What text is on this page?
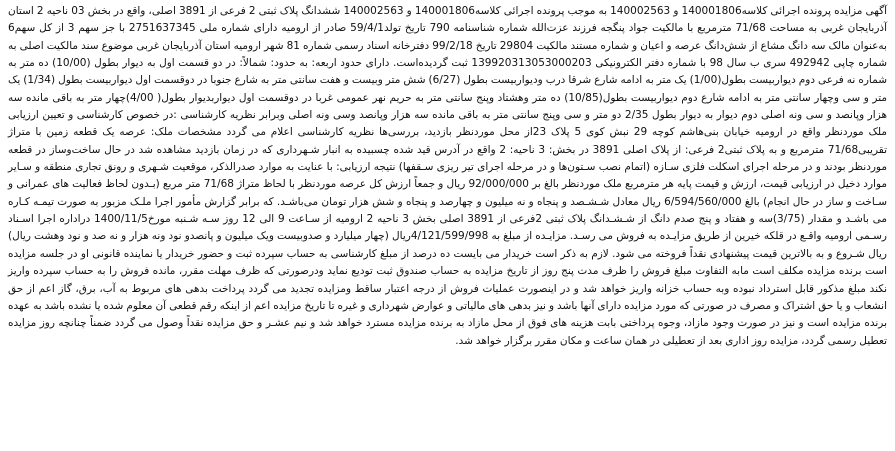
آگهی مزایده پرونده اجرائی کلاسه140001806 و 140002563 به موجب پرونده اجرائی کلاسه140001806 و 140002563 ششدانگ پلاک ثبتی 2 فرعی از 3891 اصلی، واقع در بخش 03 ناحیه 2 استان آذربایجان غربی به مساحت 71/68 مترمربع با مالکیت جواد پنگجه فرزند عزت‌الله شماره شناسنامه 790 تاریخ تولد59/4/1 صادر از ارومیه دارای شماره ملی 2751637345 با جز سهم 3 از کل سهم6 به‌عنوان مالک سه دانگ مشاع از شش‌دانگ عرصه و اعیان و شماره مستند مالکیت 29804 تاریخ 99/2/18 دفترخانه اسناد رسمی شماره 81 شهر ارومیه استان آذربایجان غربی موضوع سند مالکیت اصلی به شماره چاپی 492942 سری ب سال 98 با شماره دفتر الکترونیکی 139920313053000203 ثبت گردیده‌است. دارای حدود اربعه: به حدود: شمالاً: در دو قسمت اول به دیوار بطول (10/00) ده متر به شماره نه فرعی دوم دیواربیست بطول(1/00) یک متر به ادامه شارع شرقا درب ودیواربیست بطول (6/27) شش متر وبیست و هفت سانتی متر به شارع جنوبا در دوقسمت اول دیواربیست بطول (1/34) یک متر و سی وچهار سانتی متر به ادامه شارع دوم دیواربیست بطول(10/85) ده متر وهشتاد وپنج سانتی متر به حریم نهر عمومی غربا در دوقسمت اول دیواربدیوار بطول( 4/00)چهار متر به باقی مانده سه هزار وپانصد و سی ونه اصلی دوم دیوار به دیوار بطول 2/35 دو متر و سی وپنج سانتی متر به باقی مانده سه هزار وپانصد وسی ونه اصلی وبرابر نظریه کارشناسی :در خصوص کارشناسی و تعیین ارزیابی ملک موردنظر واقع در ارومیه خیابان بنی‌هاشم کوچه 29 نبش کوی 5 پلاک 23از محل موردنظر بازدید، بررسی‌ها نظریه کارشناسی اعلام می گردد مشخصات ملک: عرصه یک قطعه زمین با متراژ تقریبی71/68 مترمربع و به پلاک ثبتی2 فرعی: از پلاک اصلی 3891 در بخش: 3 ناحیه: 2 واقع در آدرس قید شده چسبیده به انبار شـهرداری که در زمان بازدید مشاهده شد در حال ساخت‌وساز در قطعه موردنظر بودند و در مرحله اجرای اسکلت فلزی سـازه (اتمام نصب سـتون‌ها و در مرحله اجرای تیر ریزی سـقفها) نتیجه ارزیابی: با عنایت به موارد صدرالذکر، موقعیت شـهری و رونق تجاری منطقه و سـایر موارد دخیل در ارزیابی قیمت، ارزش و قیمت پایه هر مترمربع ملک موردنظر بالغ بر 92/000/000 ریال و جمعاً ارزش کل عرصه موردنظر با لحاظ متراژ 71/68 متر مربع (بـدون لحاظ فعالیت های عمرانی و سـاخت و ساز در حال انجام) بالغ 6/594/560/000 ریال معادل شـشـصد و پنجاه و نه میلیون و چهارصد و پنجاه و شش هزار تومان می‌باشـد. که برابر گزارش مأمور اجرا ملـک مزبور به صورت تیمـه کـاره می باشـد و مقدار (3/75)سه و هفتاد و پنج صدم دانگ از شـشـدانگ پلاک ثبتی 2فرعی از 3891 اصلی بخش 3 ناحیه 2 ارومیه از سـاعت 9 الی 12 روز سـه شـنبه مورخ1400/11/5 دراداره اجرا اسـناد رسـمی ارومیه واقـع در قلکه خیرین از طریق مزایـده به فروش می رسـد. مزایـده از مبلغ به 4/121/599/998ریال (چهار میلیارد و صدوبیست ویک میلیون و پانصدو نود ونه هزار و نه صد و نود وهشت ریال) ریال شـروع و به بالاترین قیمت پیشنهادی نقداً فروخته می شود. لازم به ذکر است خریدار می بایست ده درصد از مبلغ کارشناسی به حساب سپرده ثبت و حضور خریدار یا نماینده قانونی او در جلسه مزایده است برنده مزایده مکلف است مابه التفاوت مبلغ فروش را ظرف مدت پنج روز از تاریخ مزایده به حساب صندوق ثبت تودیع نماید ودرصورتی که ظرف مهلت مقرر، مانده فروش را به حساب سپرده واریز نکند مبلغ مذکور قابل استرداد نبوده وبه حساب خزانه واریز خواهد شد و در اینصورت عملیات فروش از درجه اعتبار ساقط ومزایده تجدید می گردد پرداخت بدهی های مربوط به آب، برق، گاز اعم از حق انشعاب و یا حق اشتراک و مصرف در صورتی که مورد مزایده دارای آنها باشد و نیز بدهی های مالیاتی و عوارض شهرداری و غیره تا تاریخ مزایده اعم از اینکه رقم قطعی آن معلوم شده یا نشده باشد به عهده برنده مزایده است و نیز در صورت وجود مازاد، وجوه پرداختی بابت هزینه های فوق از محل مازاد به برنده مزایده مسترد خواهد شد و نیم عشـر و حق مزایده نقداً وصول می گردد ضمناً چنانچه روز مزایده تعطیل رسمی گردد، مزایده روز اداری بعد از تعطیلی در همان ساعت و مکان مقرر برگزار خواهد شد.
